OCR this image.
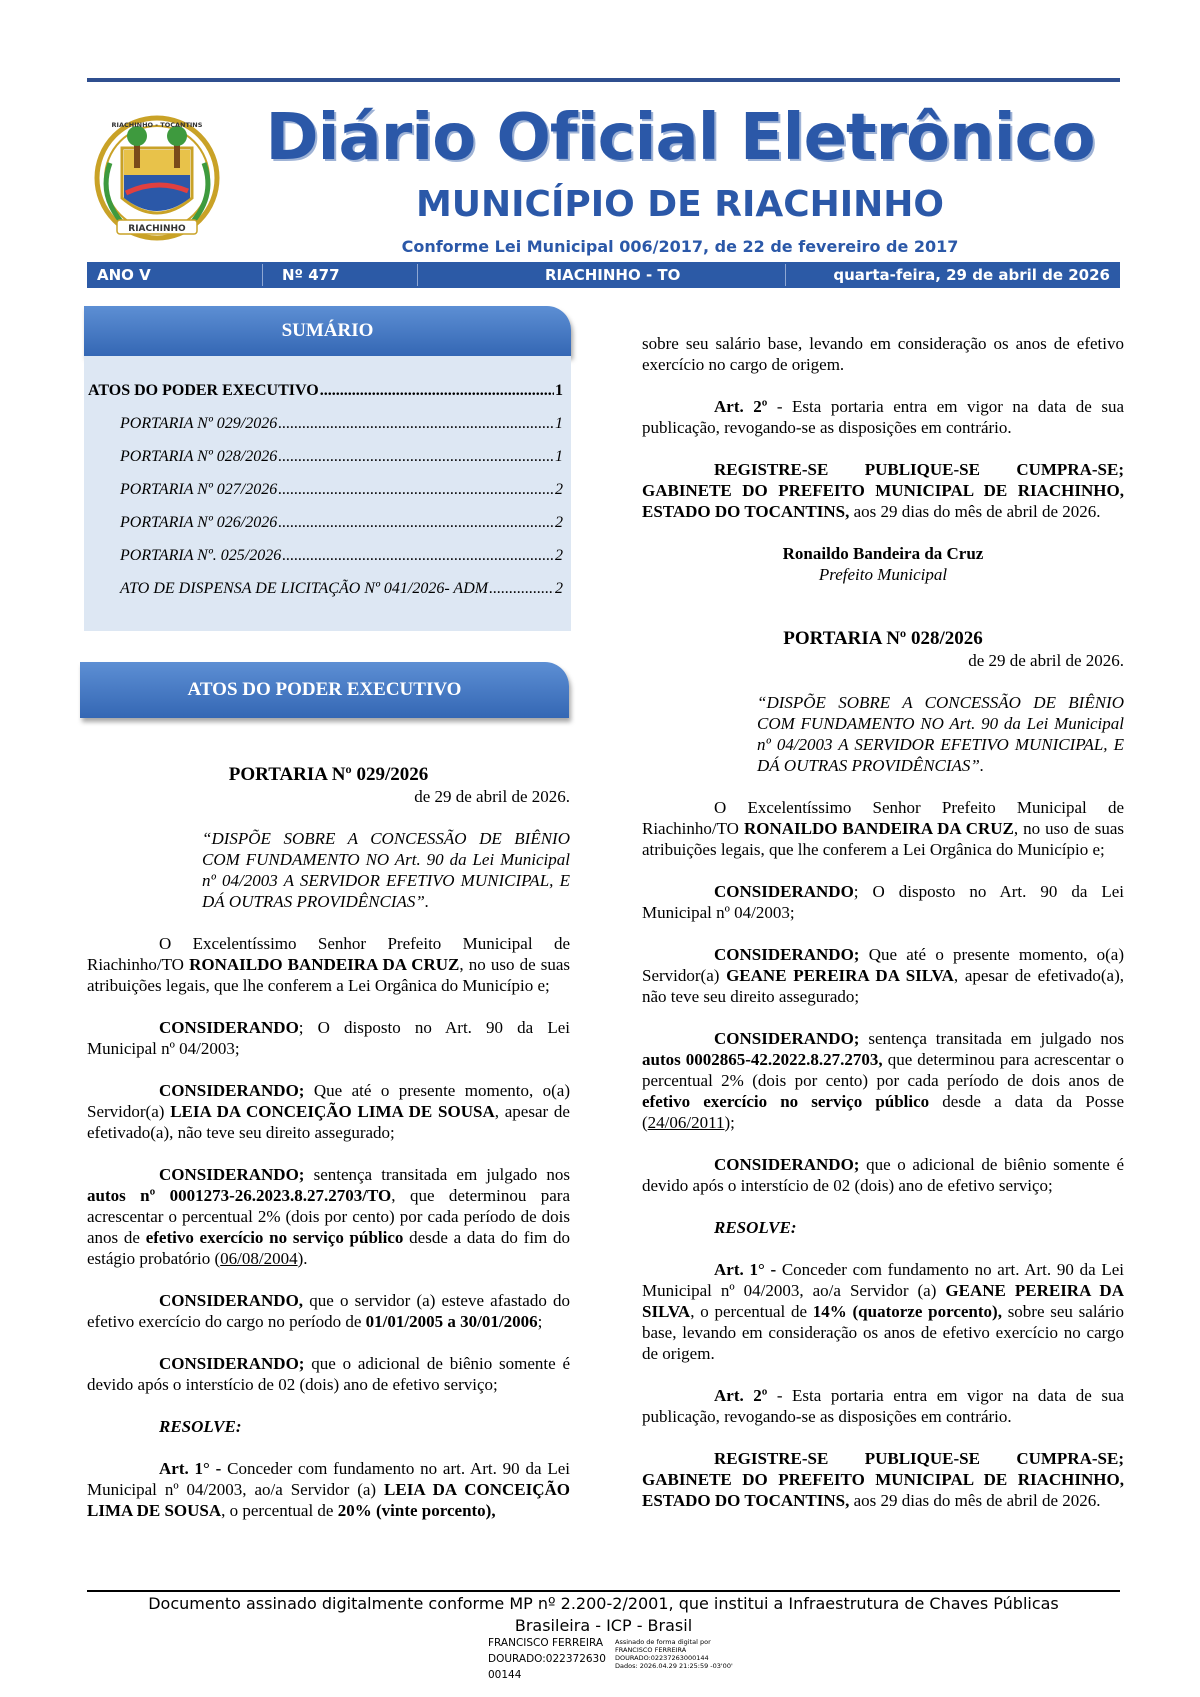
RIACHINHO
RIACHINHO - TOCANTINS Diário Oficial Eletrônico
MUNICÍPIO DE RIACHINHO
Conforme Lei Municipal 006/2017, de 22 de fevereiro de 2017
ANO V	Nº 477	RIACHINHO - TO	quarta-feira, 29 de abril de 2026
SUMÁRIO
ATOS DO PODER EXECUTIVO .....	1
PORTARIA Nº 029/2026 .....	1
PORTARIA Nº 028/2026 .....	1
PORTARIA Nº 027/2026 .....	2
PORTARIA Nº 026/2026 .....	2
PORTARIA Nº. 025/2026 .....	2
ATO DE DISPENSA DE LICITAÇÃO Nº 041/2026- ADM .....	2
ATOS DO PODER EXECUTIVO
PORTARIA Nº 029/2026
de 29 de abril de 2026.

“DISPÕE SOBRE A CONCESSÃO DE BIÊNIO COM FUNDAMENTO NO Art. 90 da Lei Municipal nº 04/2003 A SERVIDOR EFETIVO MUNICIPAL, E DÁ OUTRAS PROVIDÊNCIAS”.

O Excelentíssimo Senhor Prefeito Municipal de Riachinho/TO RONAILDO BANDEIRA DA CRUZ, no uso de suas atribuições legais, que lhe conferem a Lei Orgânica do Município e;

CONSIDERANDO; O disposto no Art. 90 da Lei Municipal nº 04/2003;

CONSIDERANDO; Que até o presente momento, o(a) Servidor(a) LEIA DA CONCEIÇÃO LIMA DE SOUSA, apesar de efetivado(a), não teve seu direito assegurado;

CONSIDERANDO; sentença transitada em julgado nos autos nº 0001273-26.2023.8.27.2703/TO, que determinou para acrescentar o percentual 2% (dois por cento) por cada período de dois anos de efetivo exercício no serviço público desde a data do fim do estágio probatório (06/08/2004).

CONSIDERANDO, que o servidor (a) esteve afastado do efetivo exercício do cargo no período de 01/01/2005 a 30/01/2006;

CONSIDERANDO; que o adicional de biênio somente é devido após o interstício de 02 (dois) ano de efetivo serviço;

RESOLVE:

Art. 1° - Conceder com fundamento no art. Art. 90 da Lei Municipal nº 04/2003, ao/a Servidor (a) LEIA DA CONCEIÇÃO LIMA DE SOUSA, o percentual de 20% (vinte porcento),

sobre seu salário base, levando em consideração os anos de efetivo exercício no cargo de origem.

Art. 2º - Esta portaria entra em vigor na data de sua publicação, revogando-se as disposições em contrário.

REGISTRE-SE PUBLIQUE-SE CUMPRA-SE; GABINETE DO PREFEITO MUNICIPAL DE RIACHINHO, ESTADO DO TOCANTINS, aos 29 dias do mês de abril de 2026.

Ronaildo Bandeira da Cruz
Prefeito Municipal
PORTARIA Nº 028/2026
de 29 de abril de 2026.

“DISPÕE SOBRE A CONCESSÃO DE BIÊNIO COM FUNDAMENTO NO Art. 90 da Lei Municipal nº 04/2003 A SERVIDOR EFETIVO MUNICIPAL, E DÁ OUTRAS PROVIDÊNCIAS”.

O Excelentíssimo Senhor Prefeito Municipal de Riachinho/TO RONAILDO BANDEIRA DA CRUZ, no uso de suas atribuições legais, que lhe conferem a Lei Orgânica do Município e;

CONSIDERANDO; O disposto no Art. 90 da Lei Municipal nº 04/2003;

CONSIDERANDO; Que até o presente momento, o(a) Servidor(a) GEANE PEREIRA DA SILVA, apesar de efetivado(a), não teve seu direito assegurado;

CONSIDERANDO; sentença transitada em julgado nos autos 0002865-42.2022.8.27.2703, que determinou para acrescentar o percentual 2% (dois por cento) por cada período de dois anos de efetivo exercício no serviço público desde a data da Posse (24/06/2011);

CONSIDERANDO; que o adicional de biênio somente é devido após o interstício de 02 (dois) ano de efetivo serviço;

RESOLVE:

Art. 1° - Conceder com fundamento no art. Art. 90 da Lei Municipal nº 04/2003, ao/a Servidor (a) GEANE PEREIRA DA SILVA, o percentual de 14% (quatorze porcento), sobre seu salário base, levando em consideração os anos de efetivo exercício no cargo de origem.

Art. 2º - Esta portaria entra em vigor na data de sua publicação, revogando-se as disposições em contrário.

REGISTRE-SE PUBLIQUE-SE CUMPRA-SE; GABINETE DO PREFEITO MUNICIPAL DE RIACHINHO, ESTADO DO TOCANTINS, aos 29 dias do mês de abril de 2026.

Documento assinado digitalmente conforme MP nº 2.200-2/2001, que institui a Infraestrutura de Chaves Públicas
Brasileira - ICP - Brasil
FRANCISCO FERREIRA DOURADO:022372630 00144
Assinado de forma digital por
FRANCISCO FERREIRA
DOURADO:02237263000144
Dados: 2026.04.29 21:25:59 -03'00'
